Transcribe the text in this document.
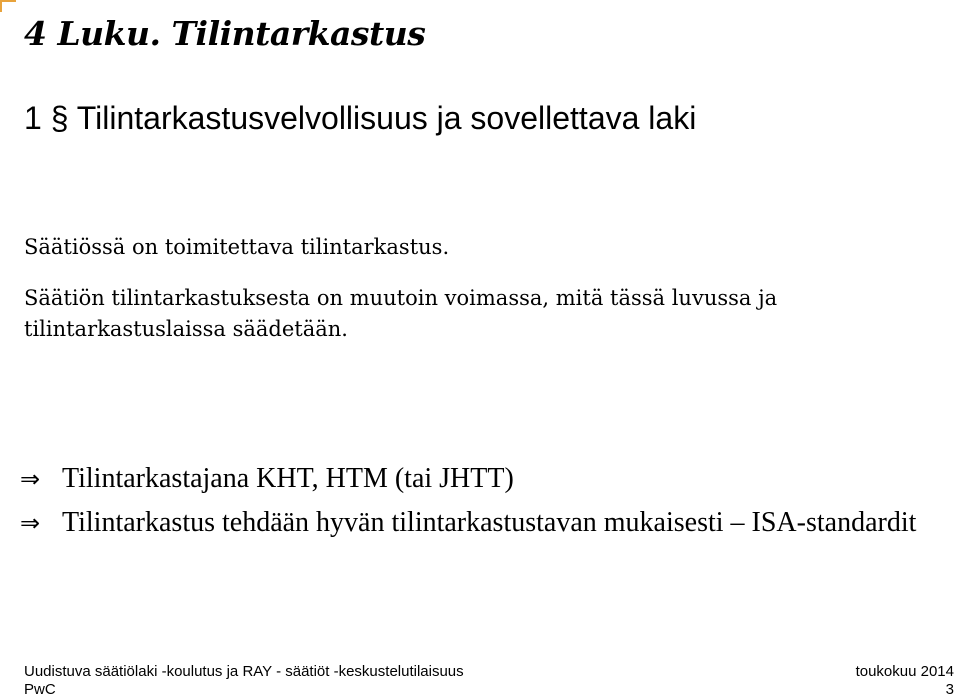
4 Luku. Tilintarkastus
1 § Tilintarkastusvelvollisuus ja sovellettava laki

Säätiössä on toimitettava tilintarkastus.

Säätiön tilintarkastuksesta on muutoin voimassa, mitä tässä luvussa ja tilintarkastuslaissa säädetään.

⇒ Tilintarkastajana KHT, HTM (tai JHTT)
⇒ Tilintarkastus tehdään hyvän tilintarkastustavan mukaisesti – ISA-standardit
Uudistuva säätiölaki -koulutus ja RAY - säätiöt -keskustelutilaisuus	toukokuu 2014
PwC	3
